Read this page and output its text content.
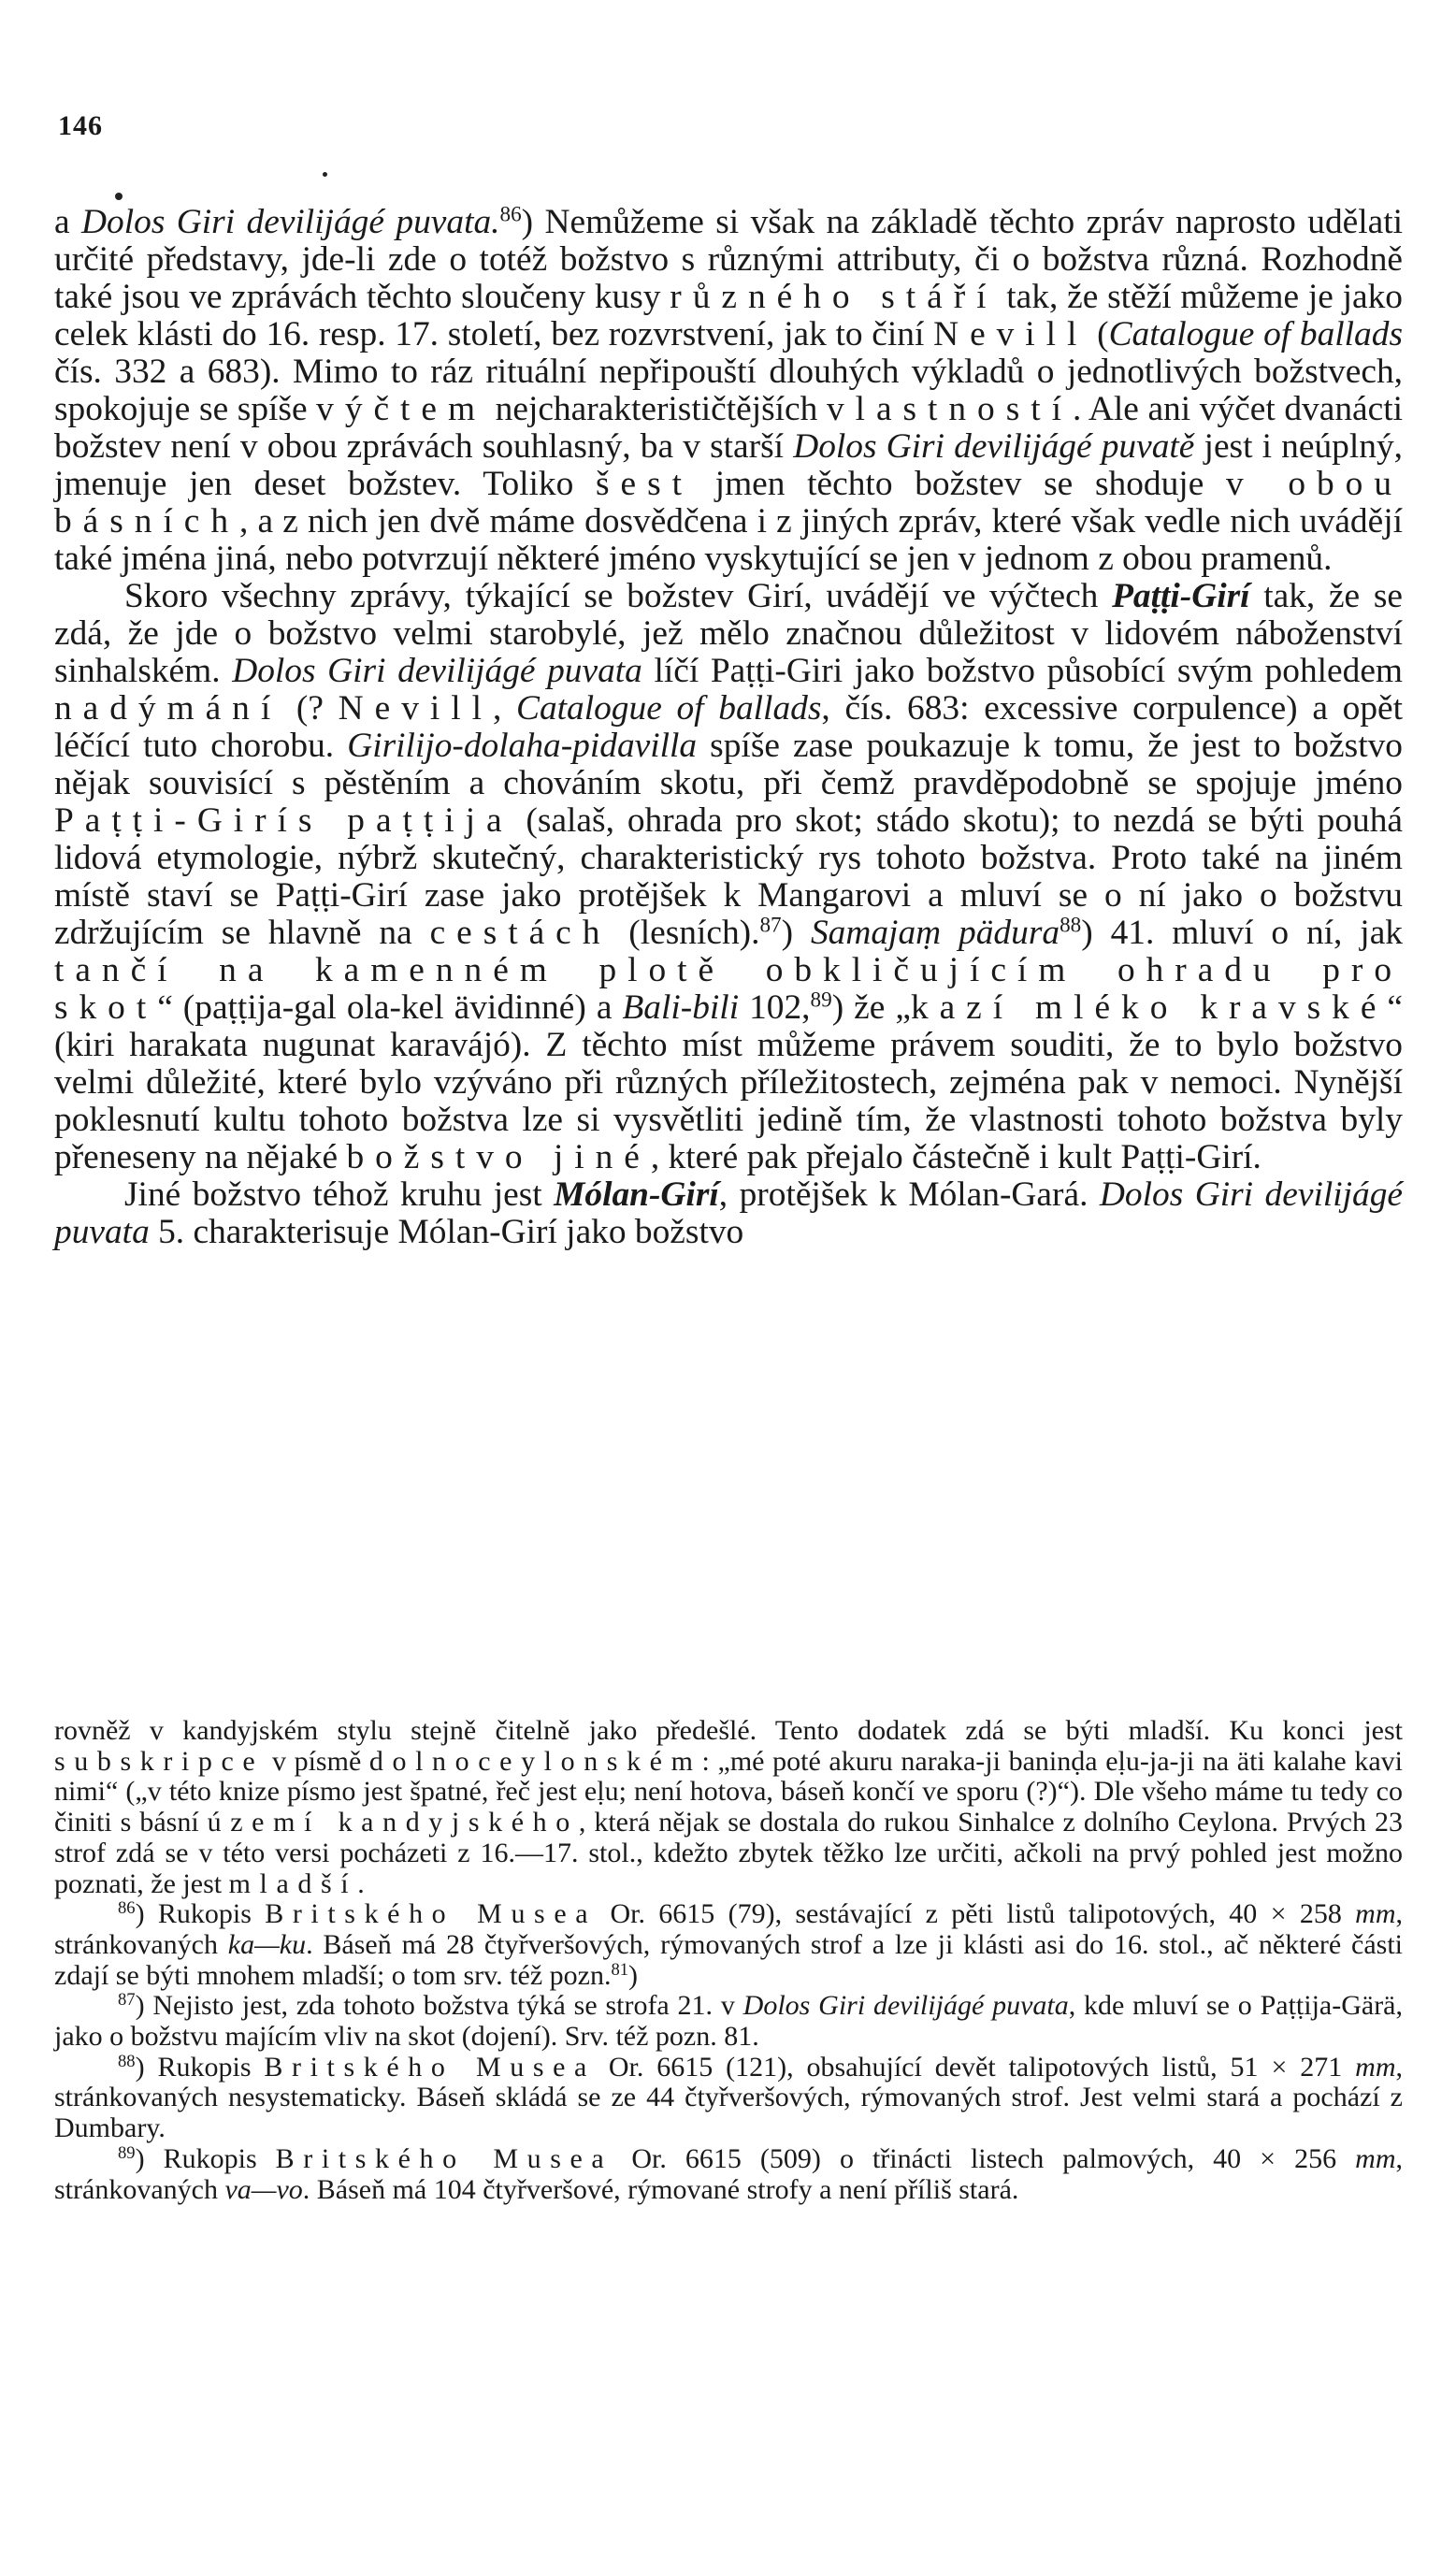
146

a Dolos Giri devilijágé puvata.$^{86}$) Nemůžeme si však na základě těchto zpráv naprosto udělati určité představy, jde-li zde o totéž božstvo s různými attributy, či o božstva různá. Rozhodně také jsou ve zprávách těchto sloučeny kusy různého stáří tak, že stěží můžeme je jako celek klásti do 16. resp. 17. století, bez rozvrstvení, jak to činí Nevill (Catalogue of ballads čís. 332 a 683). Mimo to ráz rituální nepřipouští dlouhých výkladů o jednotlivých božstvech, spokojuje se spíše výčtem nejcharakterističtějších vlastností. Ale ani výčet dvanácti božstev není v obou zprávách souhlasný, ba v starší Dolos Giri devilijágé puvatě jest i neúplný, jmenuje jen deset božstev. Toliko šest jmen těchto božstev se shoduje v obou básních, a z nich jen dvě máme dosvědčena i z jiných zpráv, které však vedle nich uvádějí také jména jiná, nebo potvrzují některé jméno vyskytující se jen v jednom z obou pramenů.

Skoro všechny zprávy, týkající se božstev Girí, uvádějí ve výčtech Paṭṭi-Girí tak, že se zdá, že jde o božstvo velmi starobylé, jež mělo značnou důležitost v lidovém náboženství sinhalském. Dolos Giri devilijágé puvata líčí Paṭṭi-Giri jako božstvo působící svým pohledem nadýmání (? Nevill, Catalogue of ballads, čís. 683: excessive corpulence) a opět léčící tuto chorobu. Girilijo-dolaha-pidavilla spíše zase poukazuje k tomu, že jest to božstvo nějak souvisící s pěstěním a chováním skotu, při čemž pravděpodobně se spojuje jméno Paṭṭi-Girís paṭṭija (salaš, ohrada pro skot; stádo skotu); to nezdá se býti pouhá lidová etymologie, nýbrž skutečný, charakteristický rys tohoto božstva. Proto také na jiném místě staví se Paṭṭi-Girí zase jako protějšek k Mangarovi a mluví se o ní jako o božstvu zdržujícím se hlavně na cestách (lesních).$^{87}$) Samajaṃ pädura$^{88}$) 41. mluví o ní, jak tančí na kamenném plotě obkličujícím ohradu pro skot“ (paṭṭija-gal ola-kel ävidinné) a Bali-bili 102,89) že „kazí mléko kravské“ (kiri harakata nugunat karavájó). Z těchto míst můžeme právem souditi, že to bylo božstvo velmi důležité, které bylo vzýváno při různých příležitostech, zejména pak v nemoci. Nynější poklesnutí kultu tohoto božstva lze si vysvětliti jedině tím, že vlastnosti tohoto božstva byly přeneseny na nějaké božstvo jiné, které pak přejalo částečně i kult Paṭṭi-Girí.

Jiné božstvo téhož kruhu jest Mólan-Girí, protějšek k Mólan-Gará. Dolos Giri devilijágé puvata 5. charakterisuje Mólan-Girí jako božstvo

rovněž v kandyjském stylu stejně čitelně jako předešlé. Tento dodatek zdá se býti mladší. Ku konci jest subskripce v písmě dolnoceylonském: „mé poté akuru naraka-ji baninḍa eḷu-ja-ji na äti kalahe kavi nimi“ („v této knize písmo jest špatné, řeč jest eḷu; není hotova, báseň končí ve sporu (?)“). Dle všeho máme tu tedy co činiti s básní území kandyjského, která nějak se dostala do rukou Sinhalce z dolního Ceylona. Prvých 23 strof zdá se v této versi pocházeti z 16.—17. stol., kdežto zbytek těžko lze určiti, ačkoli na prvý pohled jest možno poznati, že jest mladší.

$^{86}$) Rukopis Britského Musea Or. 6615 (79), sestávající z pěti listů talipotových, 40 × 258 mm, stránkovaných ka—ku. Báseň má 28 čtyřveršových, rýmovaných strof a lze ji klásti asi do 16. stol., ač některé části zdají se býti mnohem mladší; o tom srv. též pozn.$^{81}$)

$^{87}$) Nejisto jest, zda tohoto božstva týká se strofa 21. v Dolos Giri devilijágé puvata, kde mluví se o Paṭṭija-Gärä, jako o božstvu majícím vliv na skot (dojení). Srv. též pozn. 81.

$^{88}$) Rukopis Britského Musea Or. 6615 (121), obsahující devět talipotových listů, 51 × 271 mm, stránkovaných nesystematicky. Báseň skládá se ze 44 čtyřveršových, rýmovaných strof. Jest velmi stará a pochází z Dumbary.

$^{89}$) Rukopis Britského Musea Or. 6615 (509) o třinácti listech palmových, 40 × 256 mm, stránkovaných va—vo. Báseň má 104 čtyřveršové, rýmované strofy a není příliš stará.
